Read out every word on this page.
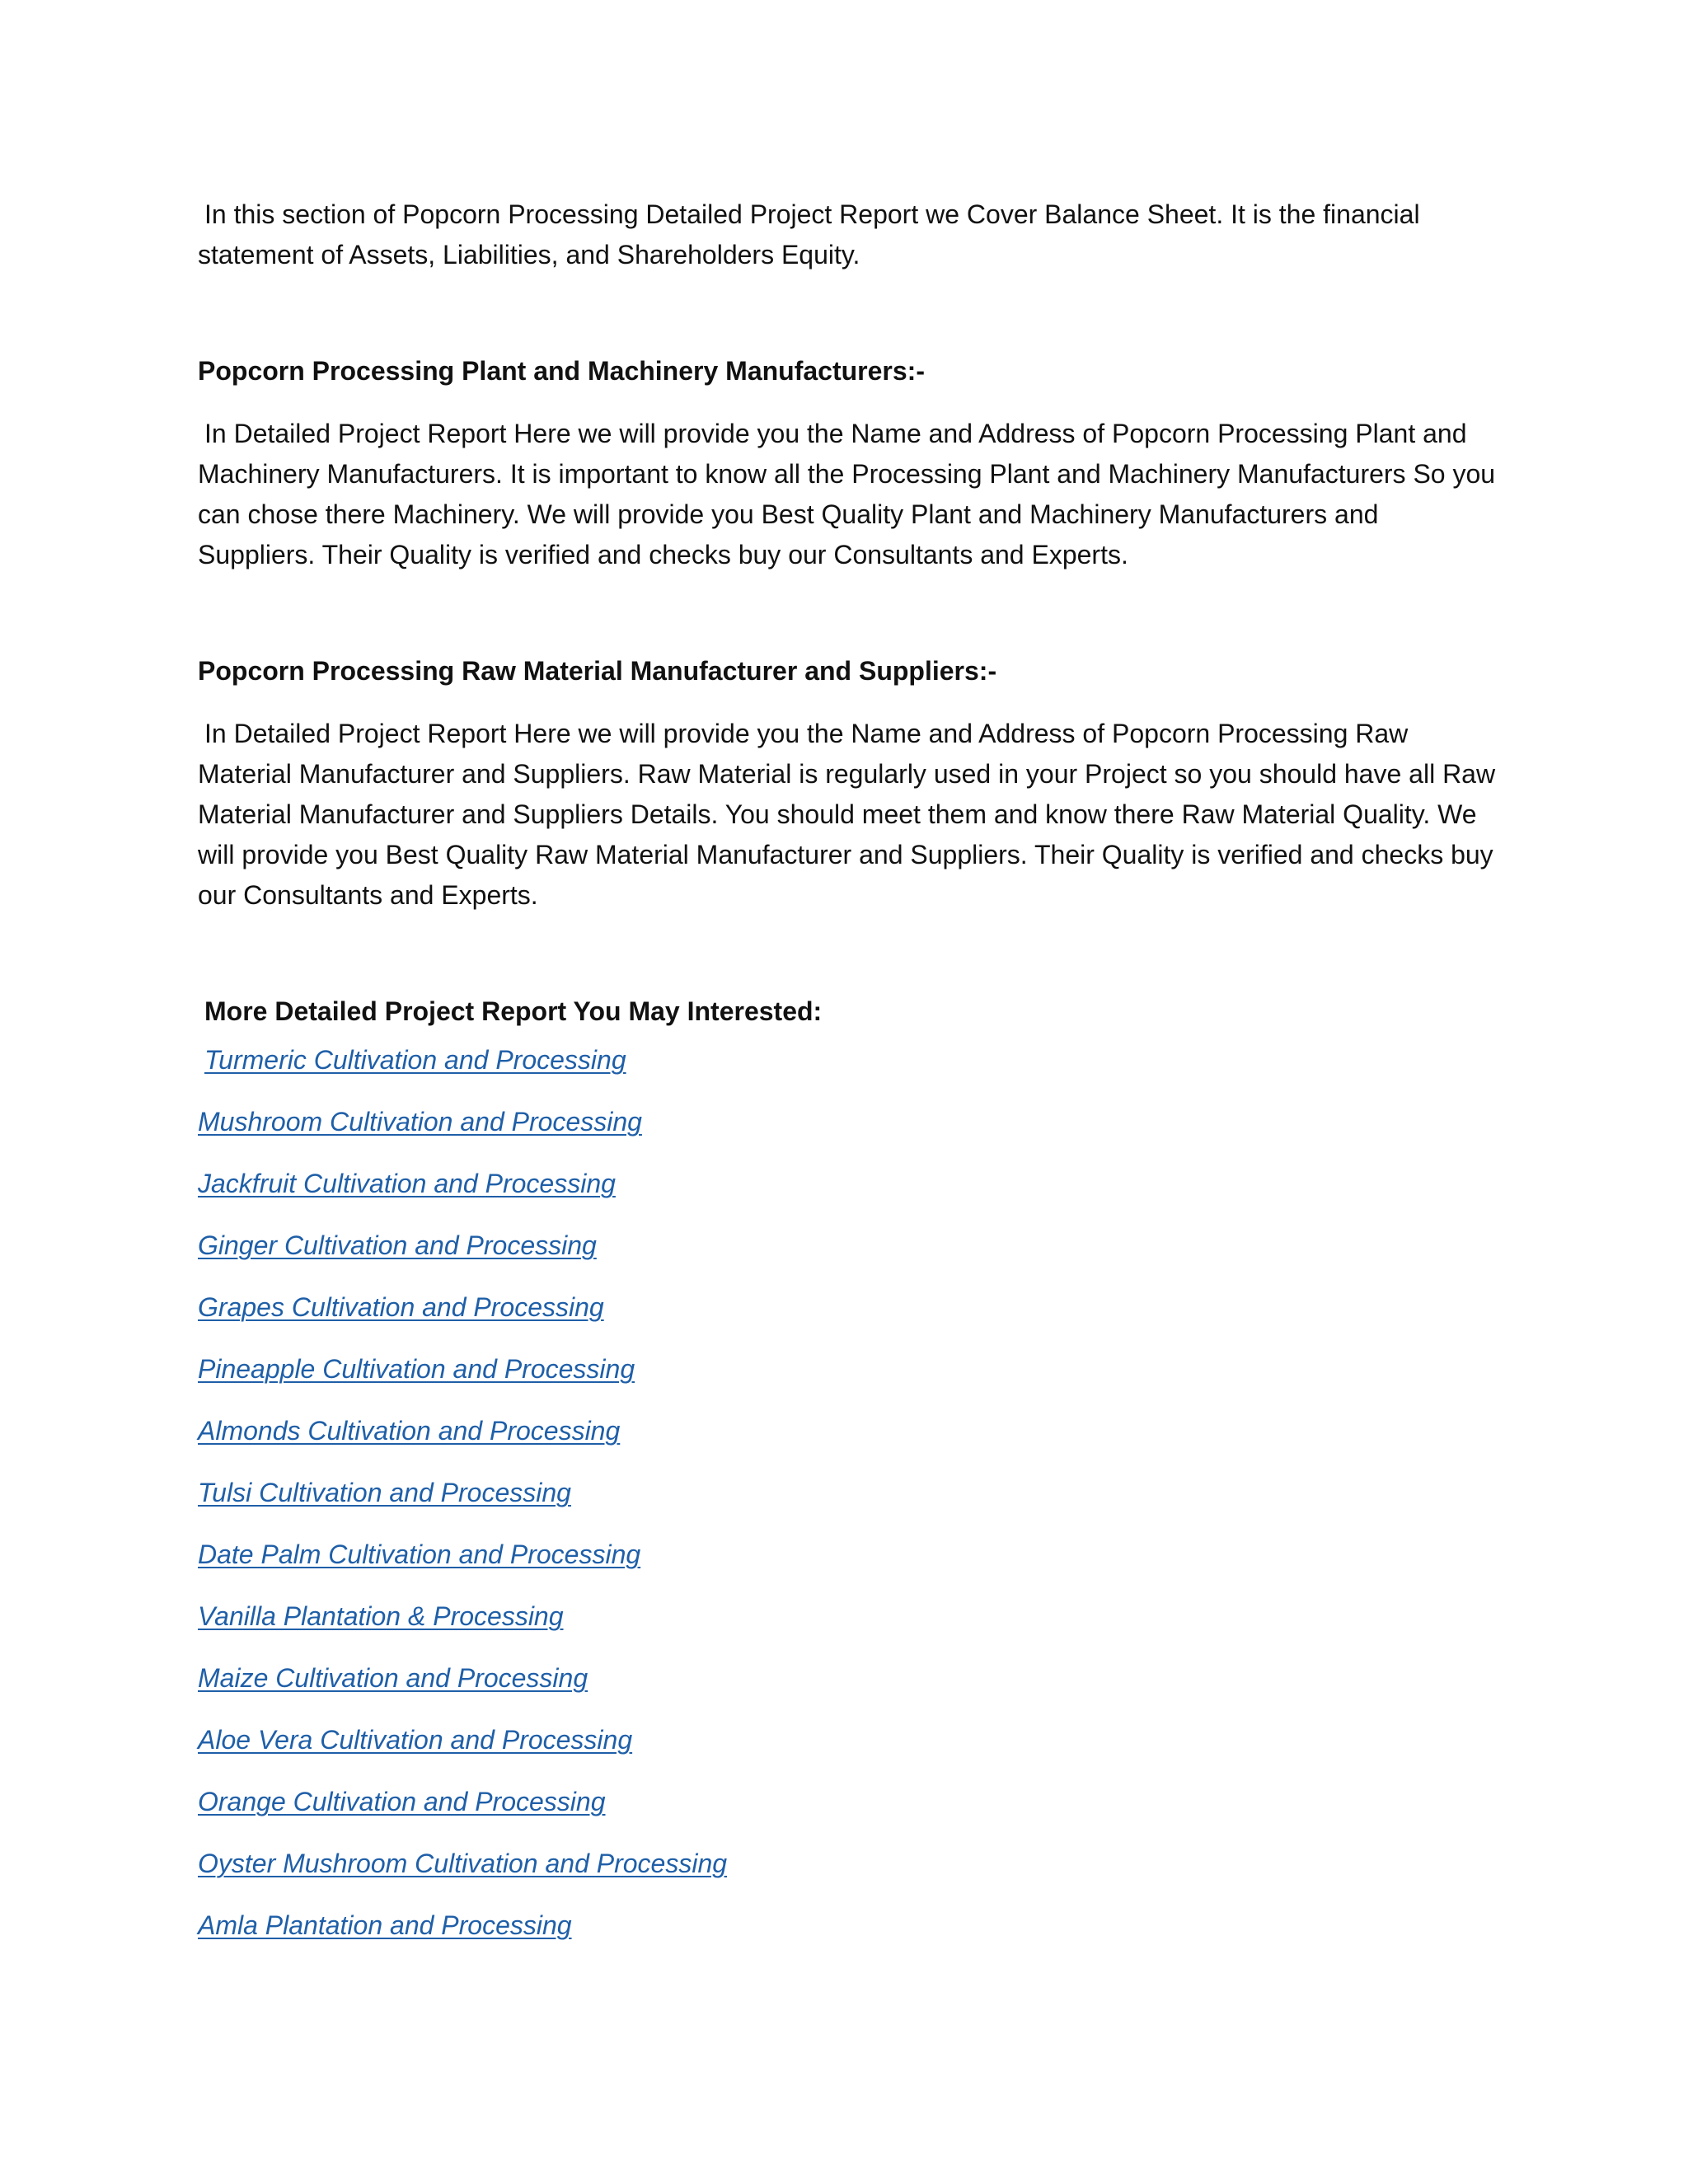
In this section of Popcorn Processing Detailed Project Report we Cover Balance Sheet. It is the financial statement of Assets, Liabilities, and Shareholders Equity.

Popcorn Processing Plant and Machinery Manufacturers:-

In Detailed Project Report Here we will provide you the Name and Address of Popcorn Processing Plant and Machinery Manufacturers. It is important to know all the Processing Plant and Machinery Manufacturers So you can chose there Machinery. We will provide you Best Quality Plant and Machinery Manufacturers and Suppliers. Their Quality is verified and checks buy our Consultants and Experts.

Popcorn Processing Raw Material Manufacturer and Suppliers:-

In Detailed Project Report Here we will provide you the Name and Address of Popcorn Processing Raw Material Manufacturer and Suppliers. Raw Material is regularly used in your Project so you should have all Raw Material Manufacturer and Suppliers Details. You should meet them and know there Raw Material Quality. We will provide you Best Quality Raw Material Manufacturer and Suppliers. Their Quality is verified and checks buy our Consultants and Experts.

More Detailed Project Report You May Interested:

Turmeric Cultivation and Processing
Mushroom Cultivation and Processing
Jackfruit Cultivation and Processing
Ginger Cultivation and Processing
Grapes Cultivation and Processing
Pineapple Cultivation and Processing
Almonds Cultivation and Processing
Tulsi Cultivation and Processing
Date Palm Cultivation and Processing
Vanilla Plantation & Processing
Maize Cultivation and Processing
Aloe Vera Cultivation and Processing
Orange Cultivation and Processing
Oyster Mushroom Cultivation and Processing
Amla Plantation and Processing
